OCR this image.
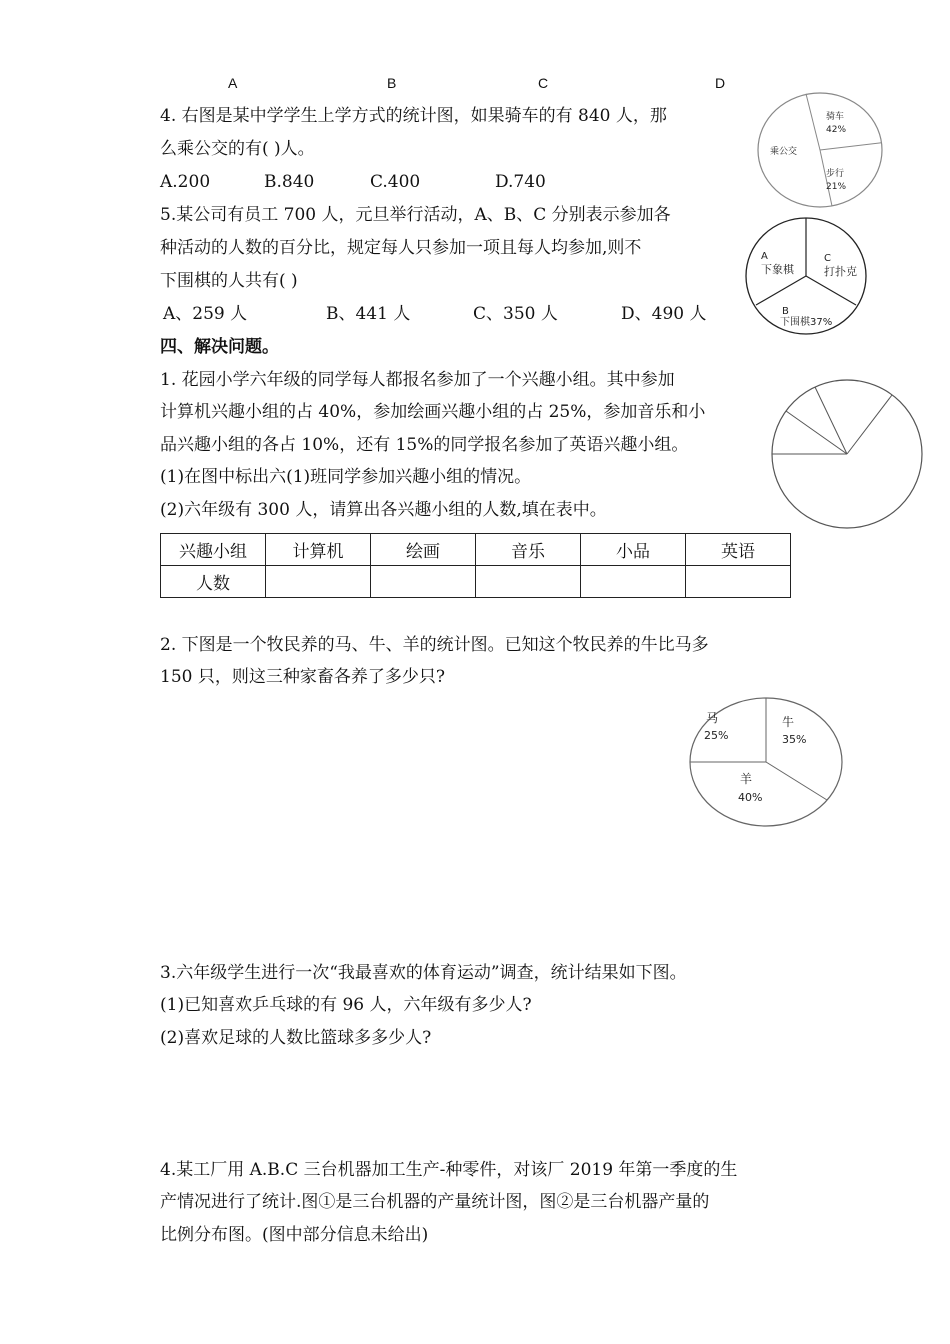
A	B	C	D
4. 右图是某中学学生上学方式的统计图，如果骑车的有 840 人，那
么乘公交的有( )人。
A.200	B.840	C.400	D.740
骑车
42%
乘公交
步行
21%
5.某公司有员工 700 人，元旦举行活动，A、B、C 分别表示参加各
种活动的人数的百分比，规定每人只参加一项且每人均参加,则不
下围棋的人共有( )
A、259 人	B、441 人	C、350 人	D、490 人
A
下象棋
C
打扑克
B
下围棋37%
四、解决问题。
1. 花园小学六年级的同学每人都报名参加了一个兴趣小组。其中参加
计算机兴趣小组的占 40%，参加绘画兴趣小组的占 25%，参加音乐和小
品兴趣小组的各占 10%，还有 15%的同学报名参加了英语兴趣小组。
(1)在图中标出六(1)班同学参加兴趣小组的情况。
(2)六年级有 300 人，请算出各兴趣小组的人数,填在表中。
兴趣小组	计算机	绘画	音乐	小品	英语
人数					
2. 下图是一个牧民养的马、牛、羊的统计图。已知这个牧民养的牛比马多
150 只，则这三种家畜各养了多少只?
马
25%
牛
35%
羊
40%
3.六年级学生进行一次“我最喜欢的体育运动”调查，统计结果如下图。
(1)已知喜欢乒乓球的有 96 人，六年级有多少人?
(2)喜欢足球的人数比篮球多多少人?
4.某工厂用 A.B.C 三台机器加工生产-种零件，对该厂 2019 年第一季度的生
产情况进行了统计.图①是三台机器的产量统计图，图②是三台机器产量的
比例分布图。(图中部分信息未给出)
